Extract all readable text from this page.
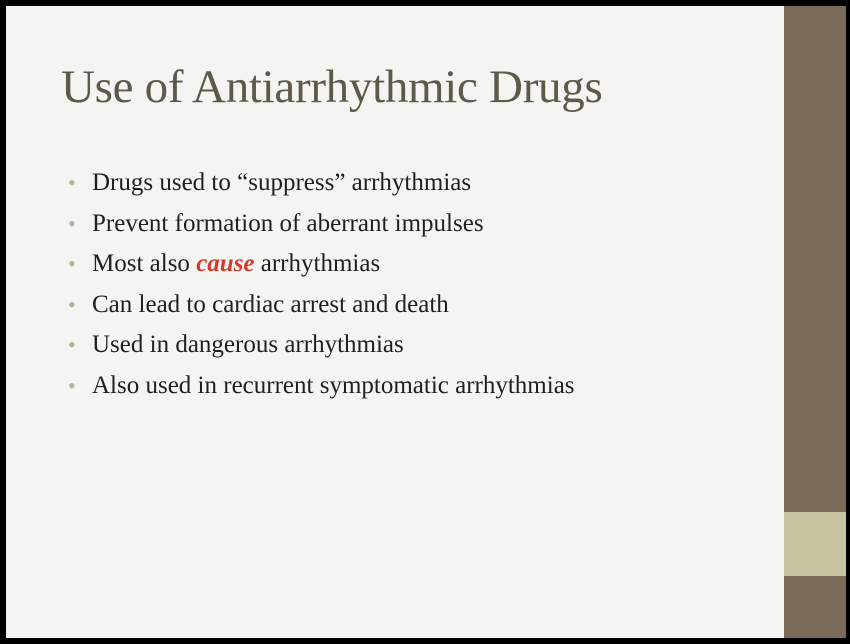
Use of Antiarrhythmic Drugs
• Drugs used to “suppress” arrhythmias
• Prevent formation of aberrant impulses
• Most also cause arrhythmias
• Can lead to cardiac arrest and death
• Used in dangerous arrhythmias
• Also used in recurrent symptomatic arrhythmias
